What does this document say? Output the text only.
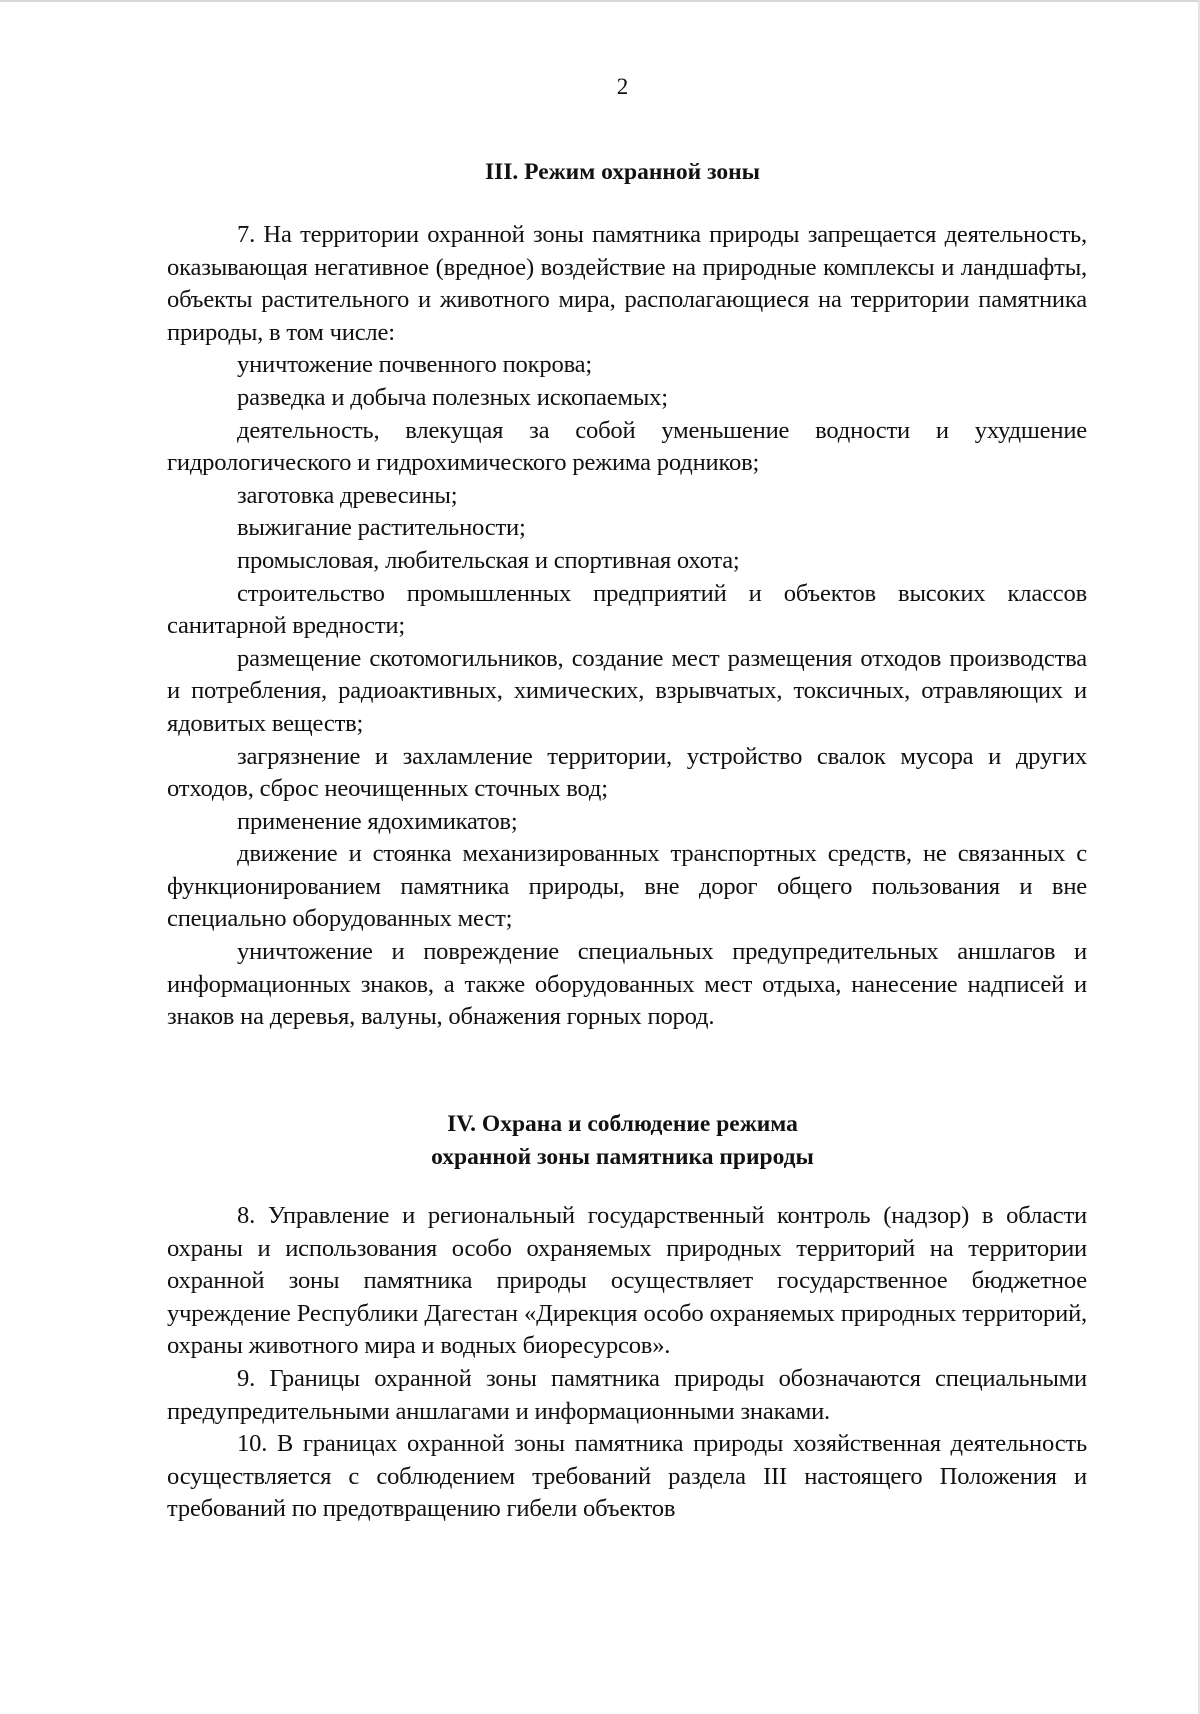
2
III. Режим охранной зоны

7. На территории охранной зоны памятника природы запрещается деятельность, оказывающая негативное (вредное) воздействие на природные комплексы и ландшафты, объекты растительного и животного мира, располагающиеся на территории памятника природы, в том числе:

уничтожение почвенного покрова;

разведка и добыча полезных ископаемых;

деятельность, влекущая за собой уменьшение водности и ухудшение гидрологического и гидрохимического режима родников;

заготовка древесины;

выжигание растительности;

промысловая, любительская и спортивная охота;

строительство промышленных предприятий и объектов высоких классов санитарной вредности;

размещение скотомогильников, создание мест размещения отходов производства и потребления, радиоактивных, химических, взрывчатых, токсичных, отравляющих и ядовитых веществ;

загрязнение и захламление территории, устройство свалок мусора и других отходов, сброс неочищенных сточных вод;

применение ядохимикатов;

движение и стоянка механизированных транспортных средств, не связанных с функционированием памятника природы, вне дорог общего пользования и вне специально оборудованных мест;

уничтожение и повреждение специальных предупредительных аншлагов и информационных знаков, а также оборудованных мест отдыха, нанесение надписей и знаков на деревья, валуны, обнажения горных пород.

IV. Охрана и соблюдение режима
охранной зоны памятника природы

8. Управление и региональный государственный контроль (надзор) в области охраны и использования особо охраняемых природных территорий на территории охранной зоны памятника природы осуществляет государственное бюджетное учреждение Республики Дагестан «Дирекция особо охраняемых природных территорий, охраны животного мира и водных биоресурсов».

9. Границы охранной зоны памятника природы обозначаются специальными предупредительными аншлагами и информационными знаками.

10. В границах охранной зоны памятника природы хозяйственная деятельность осуществляется с соблюдением требований раздела III настоящего Положения и требований по предотвращению гибели объектов
